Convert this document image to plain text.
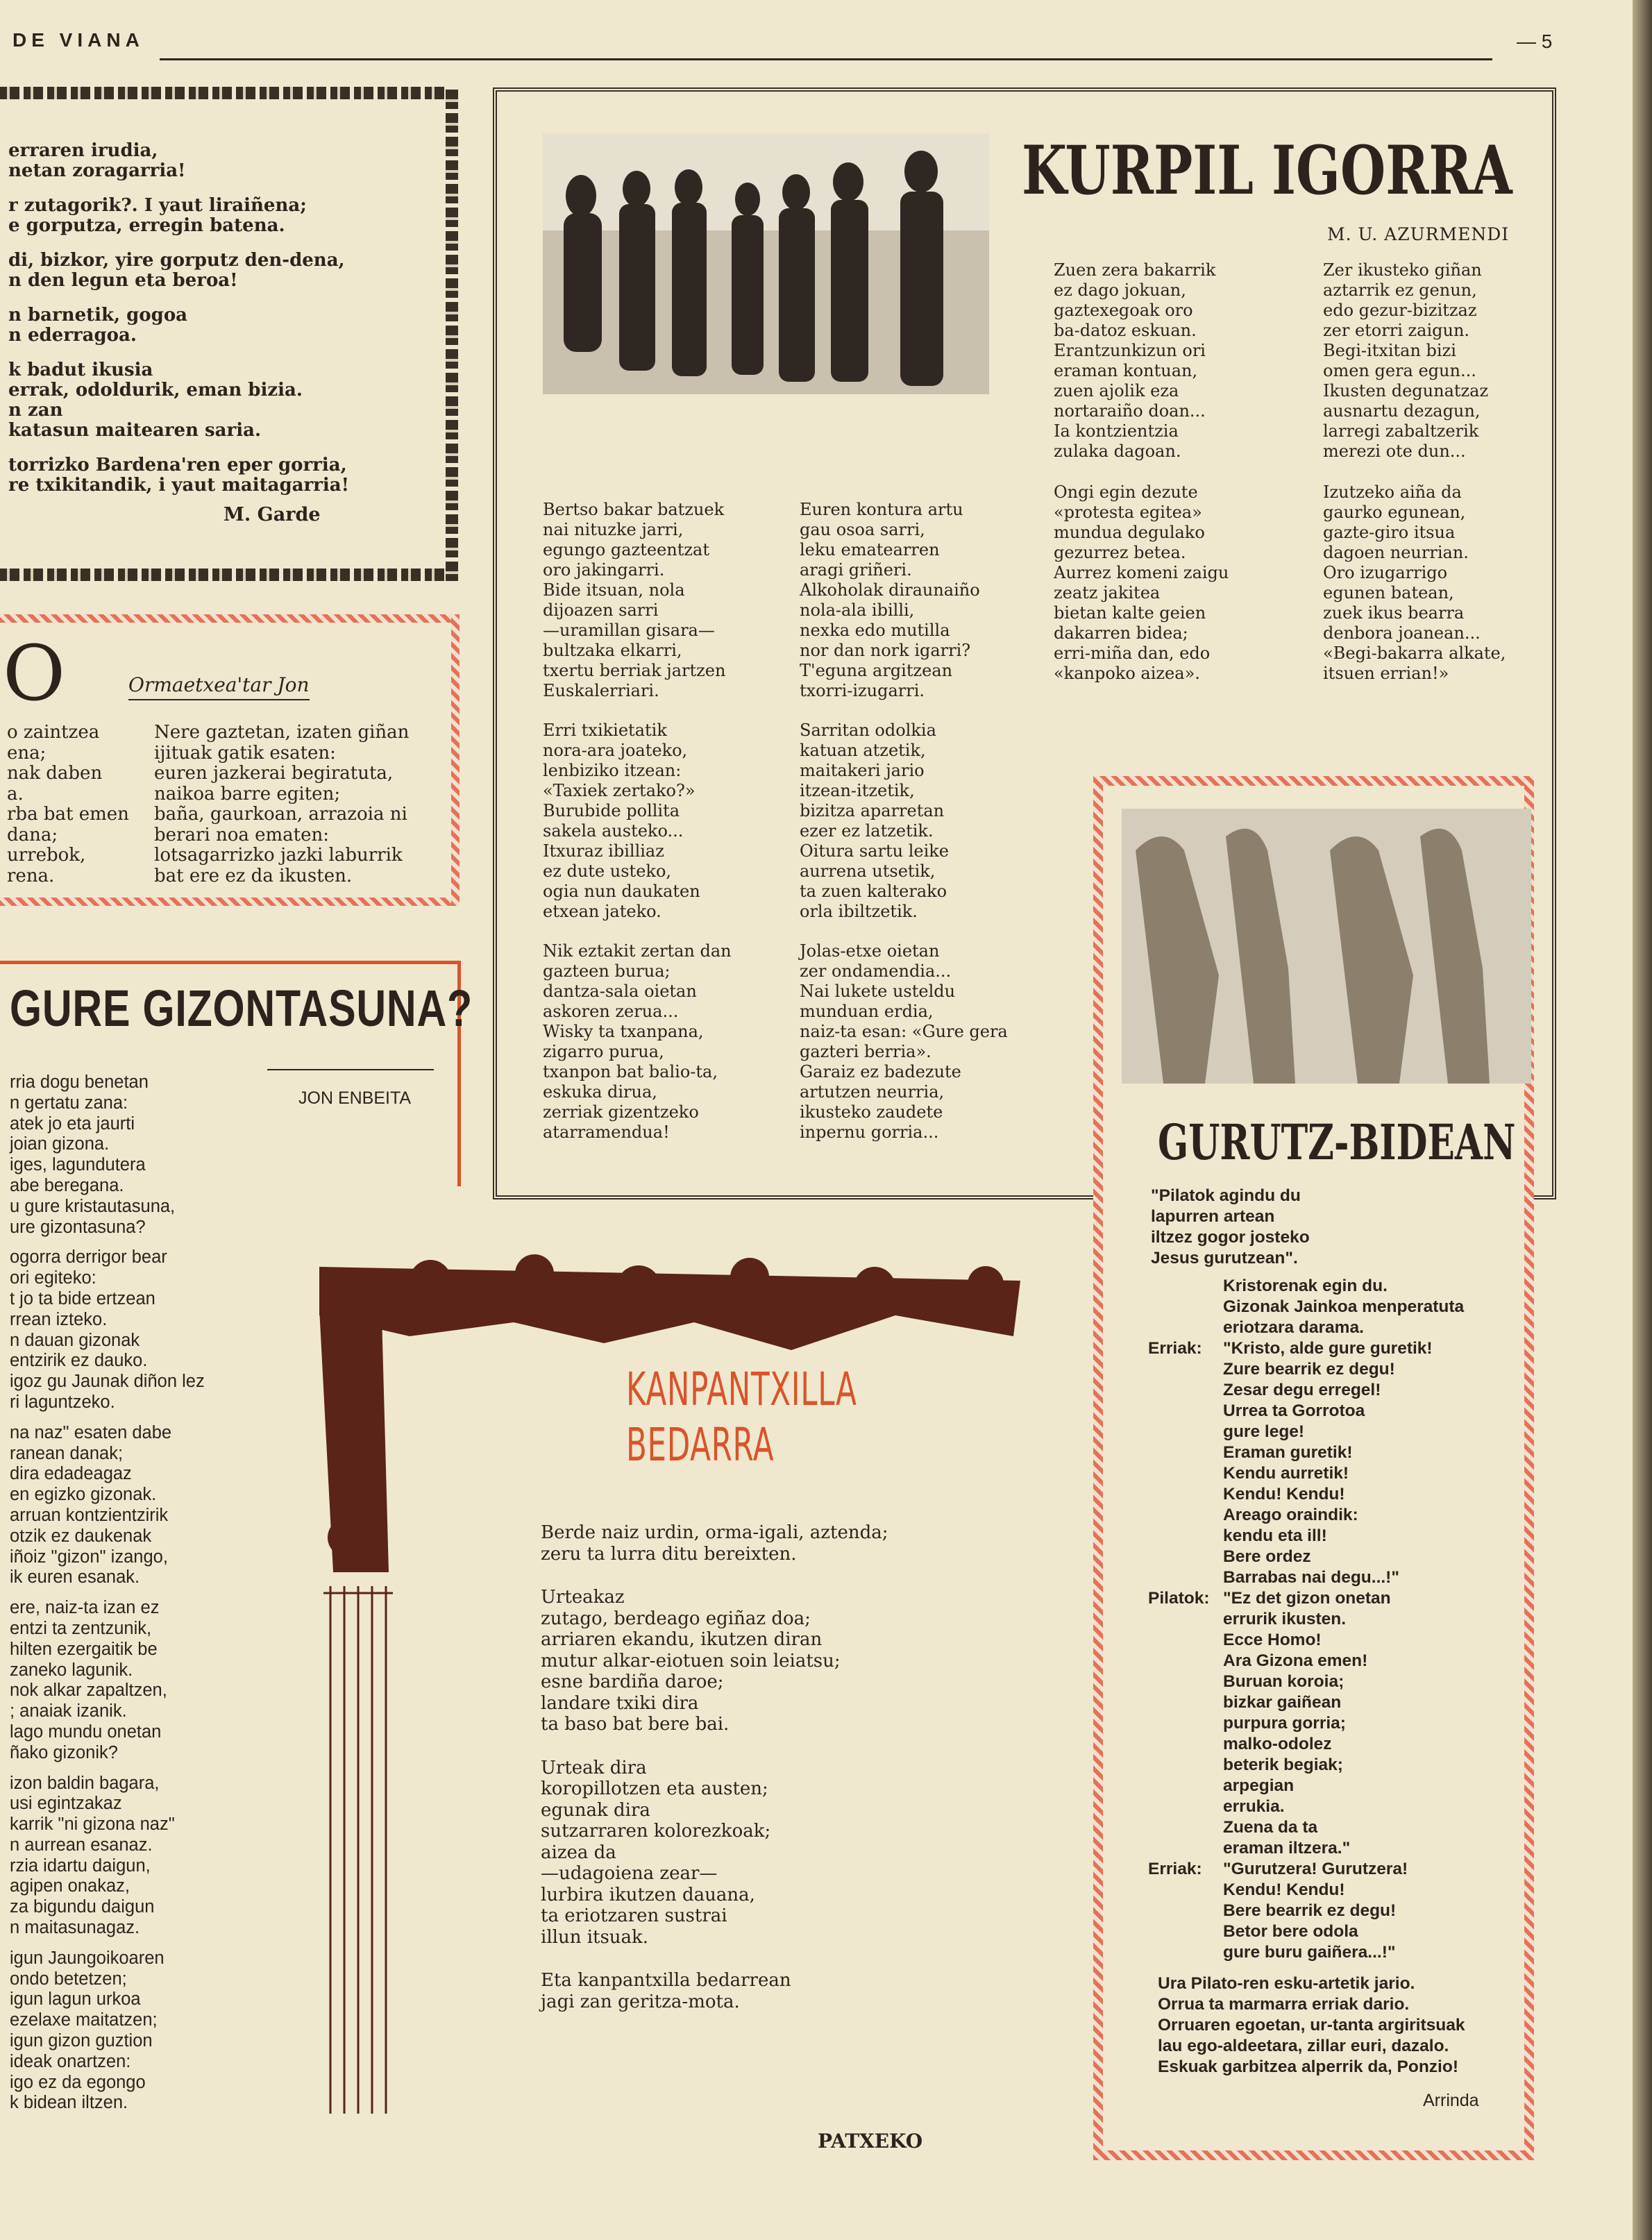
DE VIANA	— 5
erraren irudia,
netan zoragarria!
r zutagorik?. I yaut liraiñena;
e gorputza, erregin batena.
di, bizkor, yire gorputz den-dena,
n den legun eta beroa!
n barnetik, gogoa
n ederragoa.
k badut ikusia
errak, odoldurik, eman bizia.
n zan
katasun maitearen saria.
torrizko Bardena'ren eper gorria,
re txikitandik, i yaut maitagarria!
M. Garde
O	Ormaetxea'tar Jon
o zaintzea
ena;
nak daben
a.
rba bat emen
dana;
urrebok,
rena.
Nere gaztetan, izaten giñan
ijituak gatik esaten:
euren jazkerai begiratuta,
naikoa barre egiten;
baña, gaurkoan, arrazoia ni
berari noa ematen:
lotsagarrizko jazki laburrik
bat ere ez da ikusten.
GURE GIZONTASUNA?
JON ENBEITA
rria dogu benetan
n gertatu zana:
atek jo eta jaurti
joian gizona.
iges, lagundutera
abe beregana.
u gure kristautasuna,
ure gizontasuna?
ogorra derrigor bear
ori egiteko:
t jo ta bide ertzean
rrean izteko.
n dauan gizonak
entzirik ez dauko.
igoz gu Jaunak diñon lez
ri laguntzeko.
na naz" esaten dabe
ranean danak;
dira edadeagaz
en egizko gizonak.
arruan kontzientzirik
otzik ez daukenak
iñoiz "gizon" izango,
ik euren esanak.
ere, naiz-ta izan ez
entzi ta zentzunik,
hilten ezergaitik be
zaneko lagunik.
nok alkar zapaltzen,
; anaiak izanik.
lago mundu onetan
ñako gizonik?
izon baldin bagara,
usi egintzakaz
karrik "ni gizona naz"
n aurrean esanaz.
rzia idartu daigun,
agipen onakaz,
za bigundu daigun
n maitasunagaz.
igun Jaungoikoaren
ondo betetzen;
igun lagun urkoa
ezelaxe maitatzen;
igun gizon guztion
ideak onartzen:
igo ez da egongo
k bidean iltzen.
KURPIL IGORRA
M. U. AZURMENDI
Bertso bakar batzuek
nai nituzke jarri,
egungo gazteentzat
oro jakingarri.
Bide itsuan, nola
dijoazen sarri
—uramillan gisara—
bultzaka elkarri,
txertu berriak jartzen
Euskalerriari.
Erri txikietatik
nora-ara joateko,
lenbiziko itzean:
«Taxiek zertako?»
Burubide pollita
sakela austeko...
Itxuraz ibilliaz
ez dute usteko,
ogia nun daukaten
etxean jateko.
Nik eztakit zertan dan
gazteen burua;
dantza-sala oietan
askoren zerua...
Wisky ta txanpana,
zigarro purua,
txanpon bat balio-ta,
eskuka dirua,
zerriak gizentzeko
atarramendua!
Euren kontura artu
gau osoa sarri,
leku ematearren
aragi griñeri.
Alkoholak diraunaiño
nola-ala ibilli,
nexka edo mutilla
nor dan nork igarri?
T'eguna argitzean
txorri-izugarri.
Sarritan odolkia
katuan atzetik,
maitakeri jario
itzean-itzetik,
bizitza aparretan
ezer ez latzetik.
Oitura sartu leike
aurrena utsetik,
ta zuen kalterako
orla ibiltzetik.
Jolas-etxe oietan
zer ondamendia...
Nai lukete usteldu
munduan erdia,
naiz-ta esan: «Gure gera
gazteri berria».
Garaiz ez badezute
artutzen neurria,
ikusteko zaudete
inpernu gorria...
Zuen zera bakarrik
ez dago jokuan,
gaztexegoak oro
ba-datoz eskuan.
Erantzunkizun ori
eraman kontuan,
zuen ajolik eza
nortaraiño doan...
Ia kontzientzia
zulaka dagoan.
Ongi egin dezute
«protesta egitea»
mundua degulako
gezurrez betea.
Aurrez komeni zaigu
zeatz jakitea
bietan kalte geien
dakarren bidea;
erri-miña dan, edo
«kanpoko aizea».
Zer ikusteko giñan
aztarrik ez genun,
edo gezur-bizitzaz
zer etorri zaigun.
Begi-itxitan bizi
omen gera egun...
Ikusten degunatzaz
ausnartu dezagun,
larregi zabaltzerik
merezi ote dun...
Izutzeko aiña da
gaurko egunean,
gazte-giro itsua
dagoen neurrian.
Oro izugarrigo
egunen batean,
zuek ikus bearra
denbora joanean...
«Begi-bakarra alkate,
itsuen errian!»
GURUTZ-BIDEAN
"Pilatok agindu du
lapurren artean
iltzez gogor josteko
Jesus gurutzean".
Kristorenak egin du.
Gizonak Jainkoa menperatuta
eriotzara darama.
Erriak:	"Kristo, alde gure guretik!
Zure bearrik ez degu!
Zesar degu erregel!
Urrea ta Gorrotoa
gure lege!
Eraman guretik!
Kendu aurretik!
Kendu! Kendu!
Areago oraindik:
kendu eta ill!
Bere ordez
Barrabas nai degu...!"
Pilatok: "Ez det gizon onetan
errurik ikusten.
Ecce Homo!
Ara Gizona emen!
Buruan koroia;
bizkar gaiñean
purpura gorria;
malko-odolez
beterik begiak;
arpegian
errukia.
Zuena da ta
eraman iltzera."
Erriak:	"Gurutzera! Gurutzera!
Kendu! Kendu!
Bere bearrik ez degu!
Betor bere odola
gure buru gaiñera...!"
Ura Pilato-ren esku-artetik jario.
Orrua ta marmarra erriak dario.
Orruaren egoetan, ur-tanta argiritsuak
lau ego-aldeetara, zillar euri, dazalo.
Eskuak garbitzea alperrik da, Ponzio!
Arrinda
KANPANTXILLA
BEDARRA
Berde naiz urdin, orma-igali, aztenda;
zeru ta lurra ditu bereixten.
Urteakaz
zutago, berdeago egiñaz doa;
arriaren ekandu, ikutzen diran
mutur alkar-eiotuen soin leiatsu;
esne bardiña daroe;
landare txiki dira
ta baso bat bere bai.
Urteak dira
koropillotzen eta austen;
egunak dira
sutzarraren kolorezkoak;
aizea da
—udagoiena zear—
lurbira ikutzen dauana,
ta eriotzaren sustrai
illun itsuak.
Eta kanpantxilla bedarrean
jagi zan geritza-mota.
PATXEKO
